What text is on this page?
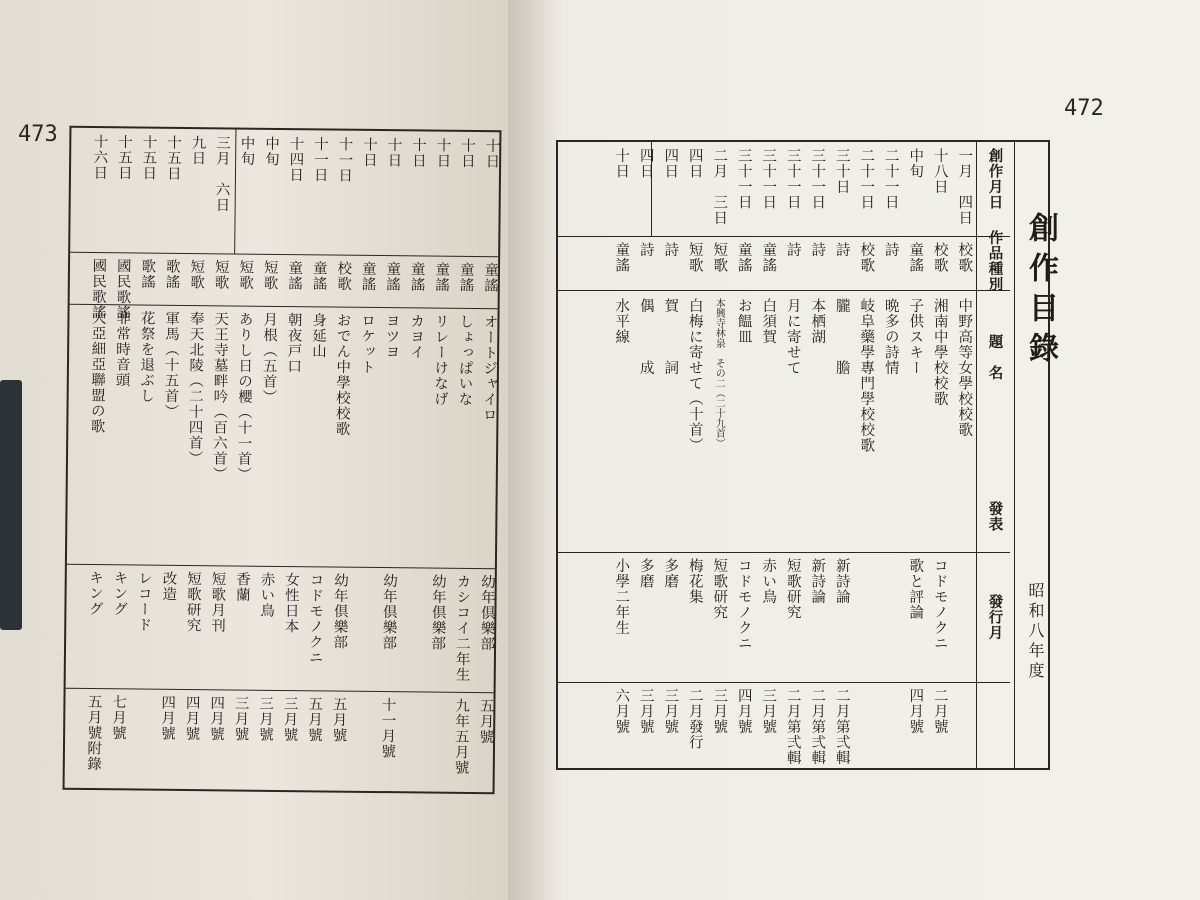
473
十日
童謠
オートジャイロ
幼年倶樂部
五月號
十日
童謠
しょっぱいな
カシコイ二年生
九年五月號
十日
童謠
リレーけなげ
幼年倶樂部
十日
童謠
カヨイ
十日
童謠
ヨツヨ
幼年倶樂部
十一月號
十日
童謠
ロケット
十一日
校歌
おでん中學校校歌
幼年倶樂部
五月號
十一日
童謠
身延山
コドモノクニ
五月號
十四日
童謠
朝夜戸口
女性日本
三月號
中旬
短歌
月根（五首）
赤い鳥
三月號
中旬
短歌
ありし日の櫻（十一首）
香蘭
三月號
三月　六日
短歌
天王寺墓畔吟（百六首）
短歌月刊
四月號
九日
短歌
奉天北陵（二十四首）
短歌研究
四月號
十五日
歌謠
軍馬（十五首）
改造
四月號
十五日
歌謠
花祭を退ぶし
レコード
十五日
國民歌謠
非常時音頭
キング
七月號
十六日
國民歌謠
大亞細亞聯盟の歌
キング
五月號附錄
472
創作目錄
昭和八年度
創作月日
作品種別
題　名
發表
發行月
一月　四日
校歌
中野高等女學校校歌
十八日
校歌
湘南中學校校歌
コドモノクニ
二月號
中旬
童謠
子供スキー
歌と評論
四月號
二十一日
詩
晩多の詩情
二十一日
校歌
岐阜藥學專門學校校歌
三十日
詩
朧　　　膽
新詩論
二月第弍輯
三十一日
詩
本栖湖
新詩論
二月第弍輯
三十一日
詩
月に寄せて
短歌研究
二月第弍輯
三十一日
童謠
白須賀
赤い鳥
三月號
三十一日
童謠
お饂皿
コドモノクニ
四月號
二月　三日
短歌
本興寺林泉　その二（二十九首）
短歌研究
三月號
四日
短歌
白梅に寄せて（十首）
梅花集
二月發行
四日
詩
賀　　　詞
多磨
三月號
四日
詩
偶　　　成
多磨
三月號
十日
童謠
水平線
小學二年生
六月號
